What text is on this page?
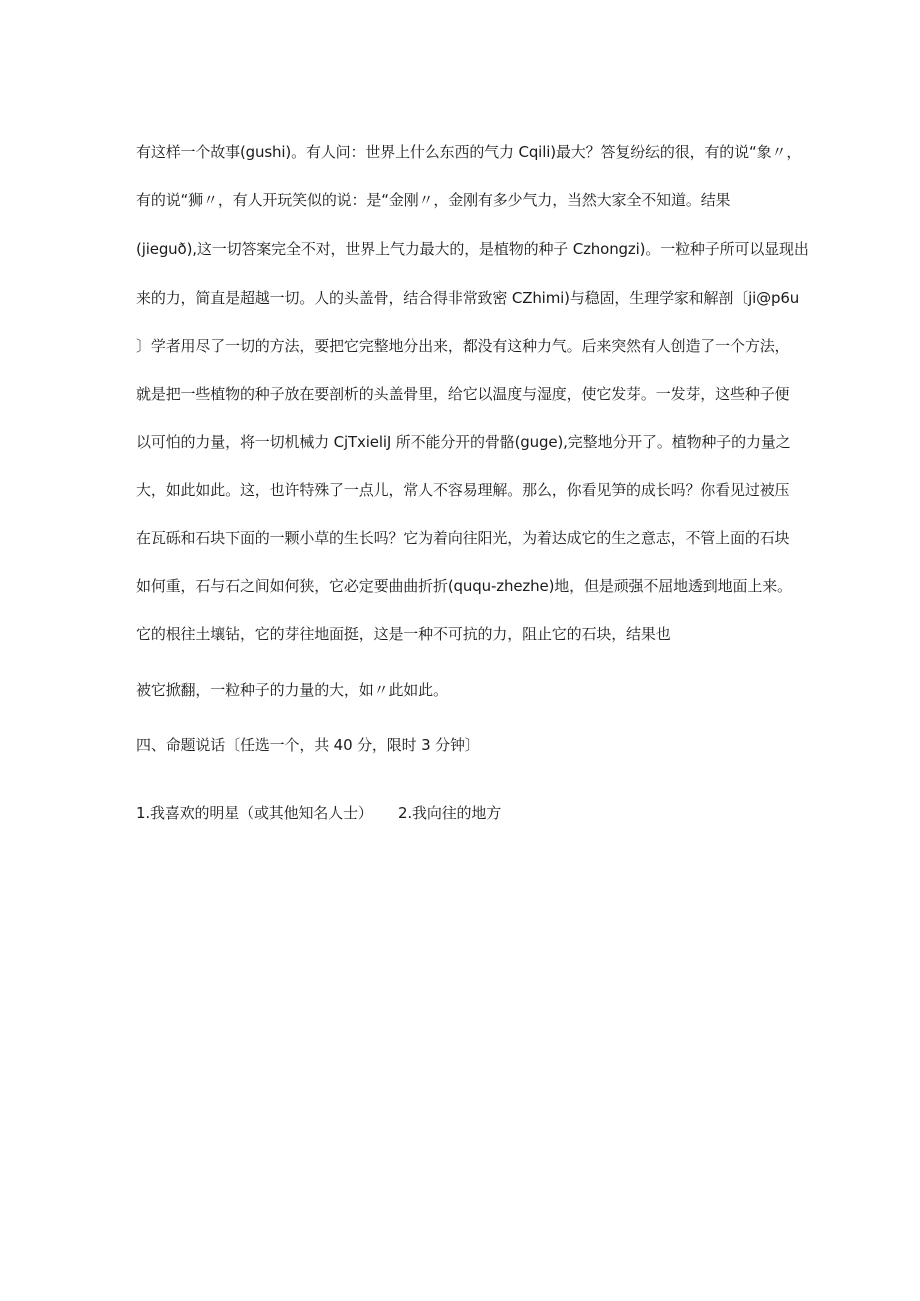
有这样一个故事(gushi)。有人问：世界上什么东西的气力 Cqili)最大？答复纷纭的很，有的说“象〃，
有的说“狮〃，有人开玩笑似的说：是“金刚〃，金刚有多少气力，当然大家全不知道。结果
(jieguð),这一切答案完全不对，世界上气力最大的，是植物的种子 Czhongzi)。一粒种子所可以显现出
来的力，简直是超越一切。人的头盖骨，结合得非常致密 CZhimi)与稳固，生理学家和解剖〔ji@p6u
〕学者用尽了一切的方法，要把它完整地分出来，都没有这种力气。后来突然有人创造了一个方法，
就是把一些植物的种子放在要剖析的头盖骨里，给它以温度与湿度，使它发芽。一发芽，这些种子便
以可怕的力量，将一切机械力 CjTxieliJ 所不能分开的骨骼(guge),完整地分开了。植物种子的力量之
大，如此如此。这，也许特殊了一点儿，常人不容易理解。那么，你看见笋的成长吗？你看见过被压
在瓦砾和石块下面的一颗小草的生长吗？它为着向往阳光，为着达成它的生之意志，不管上面的石块
如何重，石与石之间如何狭，它必定要曲曲折折(ququ-zhezhe)地，但是顽强不屈地透到地面上来。
它的根往土壤钻，它的芽往地面挺，这是一种不可抗的力，阻止它的石块，结果也
被它掀翻，一粒种子的力量的大，如〃此如此。
四、命题说话〔任选一个，共 40 分，限时 3 分钟〕
1.我喜欢的明星（或其他知名人士） 2.我向往的地方
